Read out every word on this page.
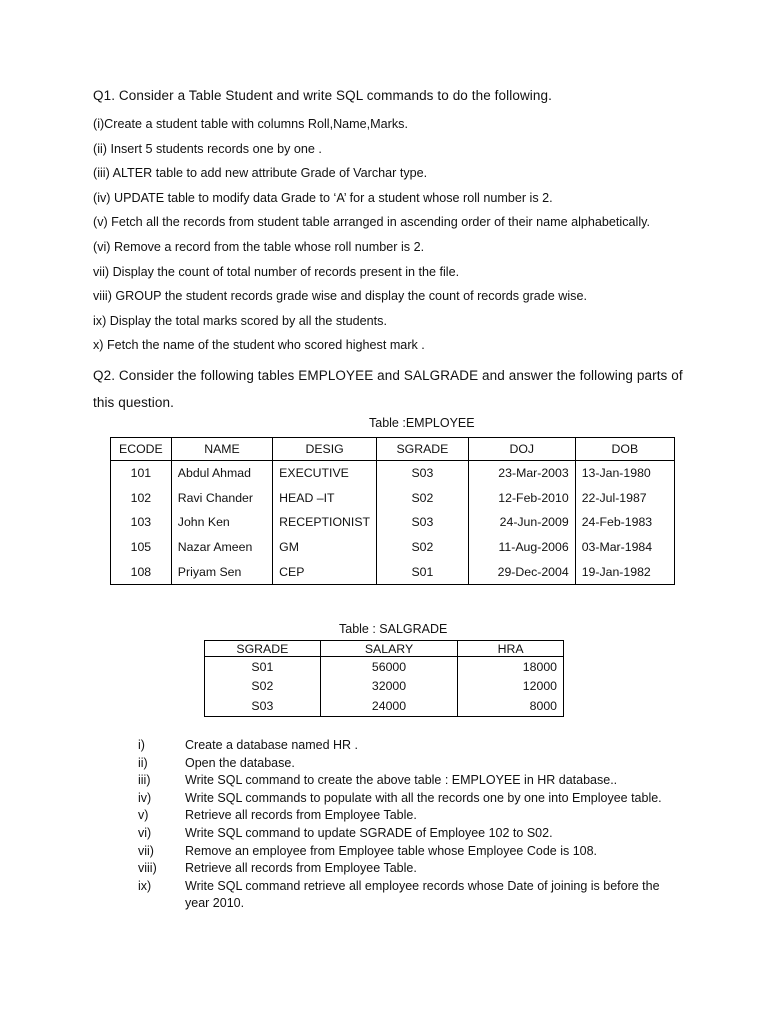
Q1. Consider a Table Student and write SQL commands to do the following.
(i)Create a student table with columns Roll,Name,Marks.
(ii) Insert 5 students records one by one .
(iii) ALTER table to add new attribute Grade of Varchar type.
(iv) UPDATE table to modify data Grade to ‘A’ for a student whose roll number is 2.
(v) Fetch all the records from student table arranged in ascending order of their name alphabetically.
(vi) Remove a record from the table whose roll number is 2.
vii) Display the count of total number of records present in the file.
viii) GROUP the student records grade wise and display the count of records grade wise.
ix) Display the total marks scored by all the students.
x) Fetch the name of the student who scored highest mark .
Q2. Consider the following tables EMPLOYEE and SALGRADE and answer the following parts of this question.
Table :EMPLOYEE
ECODE	NAME	DESIG	SGRADE	DOJ	DOB
101	Abdul Ahmad	EXECUTIVE	S03	23-Mar-2003	13-Jan-1980
102	Ravi Chander	HEAD –IT	S02	12-Feb-2010	22-Jul-1987
103	John Ken	RECEPTIONIST	S03	24-Jun-2009	24-Feb-1983
105	Nazar Ameen	GM	S02	11-Aug-2006	03-Mar-1984
108	Priyam Sen	CEP	S01	29-Dec-2004	19-Jan-1982
Table : SALGRADE
SGRADE	SALARY	HRA
S01	56000	18000
S02	32000	12000
S03	24000	8000
i)	Create a database named HR .
ii)	Open the database.
iii)	Write SQL command to create the above table : EMPLOYEE in HR database..
iv)	Write SQL commands to populate with all the records one by one into Employee table.
v)	Retrieve all records from Employee Table.
vi)	Write SQL command to update SGRADE of Employee 102 to S02.
vii)	Remove an employee from Employee table whose Employee Code is 108.
viii)	Retrieve all records from Employee Table.
ix)	Write SQL command retrieve all employee records whose Date of joining is before the year 2010.
